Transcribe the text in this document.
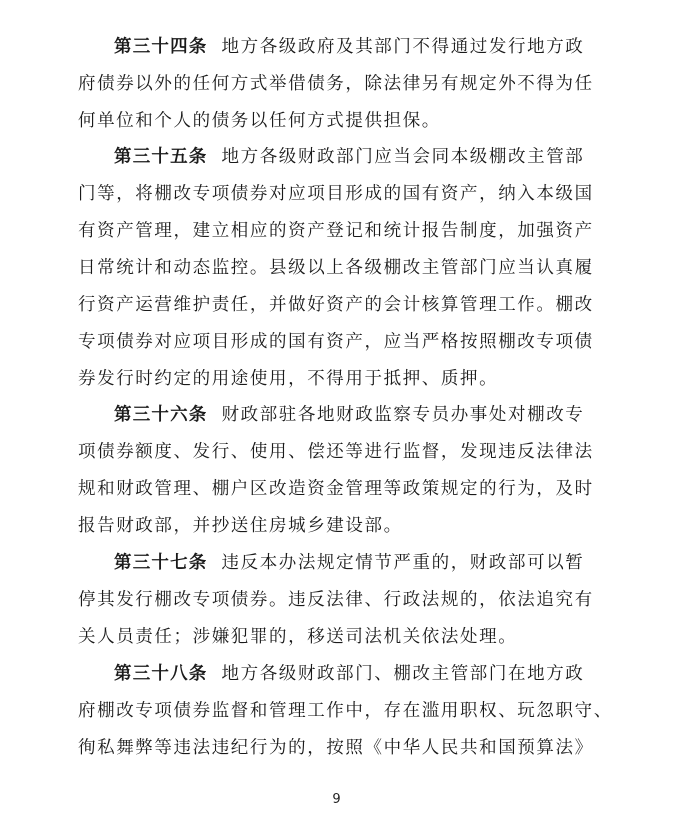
第三十四条 地方各级政府及其部门不得通过发行地方政
府债券以外的任何方式举借债务，除法律另有规定外不得为任
何单位和个人的债务以任何方式提供担保。
第三十五条 地方各级财政部门应当会同本级棚改主管部
门等，将棚改专项债券对应项目形成的国有资产，纳入本级国
有资产管理，建立相应的资产登记和统计报告制度，加强资产
日常统计和动态监控。县级以上各级棚改主管部门应当认真履
行资产运营维护责任，并做好资产的会计核算管理工作。棚改
专项债券对应项目形成的国有资产，应当严格按照棚改专项债
券发行时约定的用途使用，不得用于抵押、质押。
第三十六条 财政部驻各地财政监察专员办事处对棚改专
项债券额度、发行、使用、偿还等进行监督，发现违反法律法
规和财政管理、棚户区改造资金管理等政策规定的行为，及时
报告财政部，并抄送住房城乡建设部。
第三十七条 违反本办法规定情节严重的，财政部可以暂
停其发行棚改专项债券。违反法律、行政法规的，依法追究有
关人员责任；涉嫌犯罪的，移送司法机关依法处理。
第三十八条 地方各级财政部门、棚改主管部门在地方政
府棚改专项债券监督和管理工作中，存在滥用职权、玩忽职守、
徇私舞弊等违法违纪行为的，按照《中华人民共和国预算法》
9
